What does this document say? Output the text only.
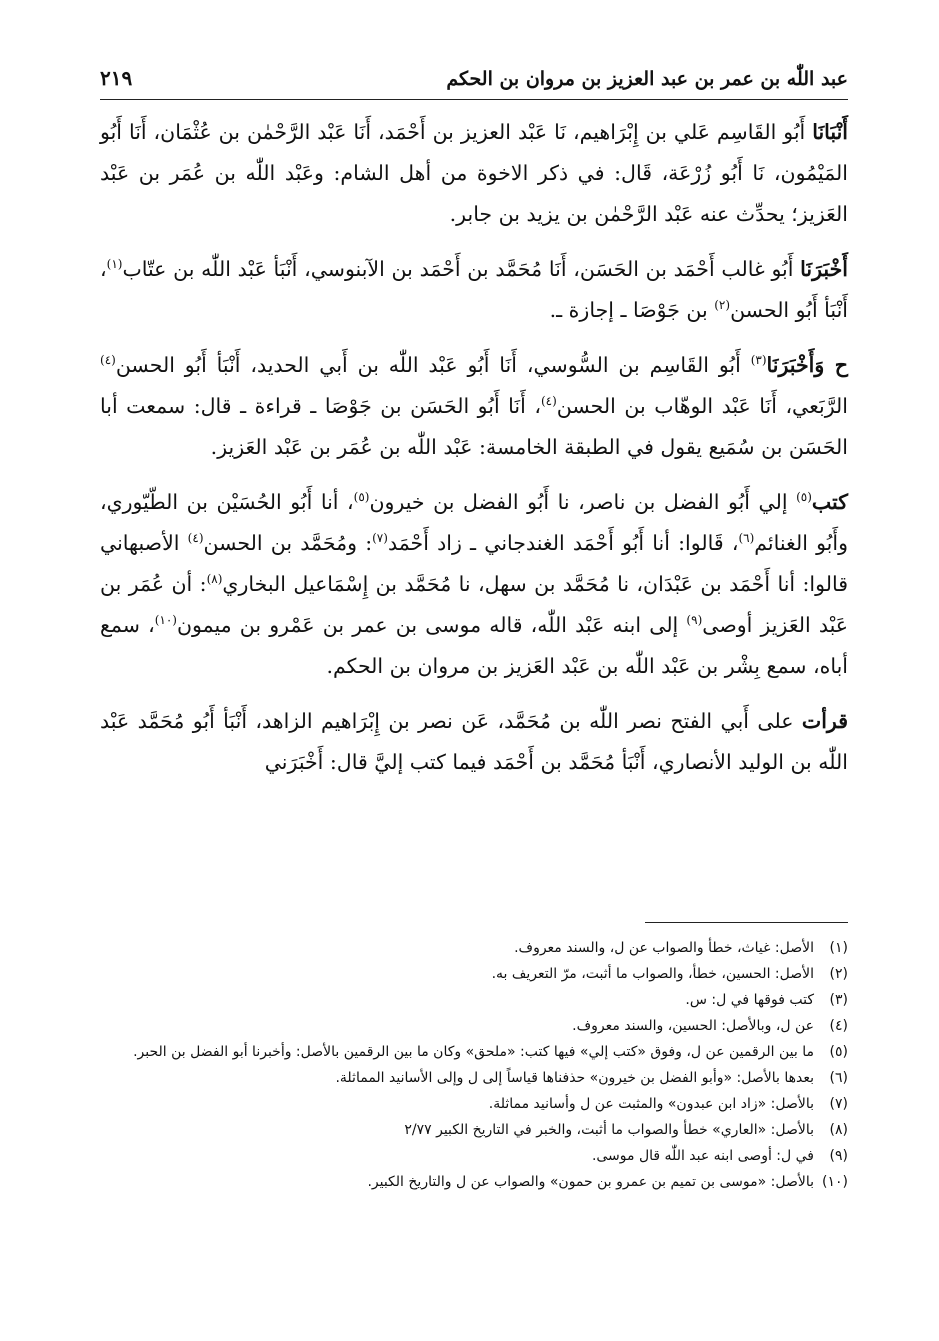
عبد اللّٰه بن عمر بن عبد العزيز بن مروان بن الحكم
٢١٩

أَنْبَانَا أَبُو القَاسِم عَلي بن إِبْرَاهيم، نَا عَبْد العزيز بن أَحْمَد، أَنَا عَبْد الرَّحْمٰن بن عُثْمَان، أَنَا أَبُو المَيْمُون، نَا أَبُو زُرْعَة، قَال: في ذكر الاخوة من أهل الشام: وعَبْد اللّٰه بن عُمَر بن عَبْد العَزيز؛ يحدِّث عنه عَبْد الرَّحْمٰن بن يزيد بن جابر.

أَخْبَرَنَا أَبُو غالب أَحْمَد بن الحَسَن، أَنَا مُحَمَّد بن أَحْمَد بن الآبنوسي، أَنْبَأ عَبْد اللّٰه بن عتّاب$^{(١)}$، أَنْبَأ أَبُو الحسن$^{(٢)}$ بن جَوْصَا ـ إجازة ـ.

ح وَأَخْبَرَنَا$^{(٣)}$ أَبُو القَاسِم بن السُّوسي، أَنَا أَبُو عَبْد اللّٰه بن أَبي الحديد، أَنْبَأ أَبُو الحسن$^{(٤)}$ الرَّبَعي، أَنَا عَبْد الوهّاب بن الحسن$^{(٤)}$، أَنَا أَبُو الحَسَن بن جَوْصَا ـ قراءة ـ قال: سمعت أبا الحَسَن بن سُمَيع يقول في الطبقة الخامسة: عَبْد اللّٰه بن عُمَر بن عَبْد العَزيز.

كتب$^{(٥)}$ إلي أَبُو الفضل بن ناصر، نا أَبُو الفضل بن خيرون$^{(٥)}$، أنا أَبُو الحُسَيْن بن الطّيّوري، وأَبُو الغنائم$^{(٦)}$، قَالوا: أنا أَبُو أَحْمَد الغندجاني ـ زاد أَحْمَد$^{(٧)}$: ومُحَمَّد بن الحسن$^{(٤)}$ الأصبهاني قالوا: أنا أَحْمَد بن عَبْدَان، نا مُحَمَّد بن سهل، نا مُحَمَّد بن إِسْمَاعيل البخاري$^{(٨)}$: أن عُمَر بن عَبْد العَزيز أوصى$^{(٩)}$ إلى ابنه عَبْد اللّٰه، قاله موسى بن عمر بن عَمْرو بن ميمون$^{(١٠)}$، سمع أباه، سمع بِشْر بن عَبْد اللّٰه بن عَبْد العَزيز بن مروان بن الحكم.

قرأت على أَبي الفتح نصر اللّٰه بن مُحَمَّد، عَن نصر بن إِبْرَاهيم الزاهد، أَنْبَأ أَبُو مُحَمَّد عَبْد اللّٰه بن الوليد الأنصاري، أَنْبَأ مُحَمَّد بن أَحْمَد فيما كتب إليَّ قال: أَخْبَرَني

(١)
الأصل: غياث، خطأ والصواب عن ل، والسند معروف.
(٢)
الأصل: الحسين، خطأ، والصواب ما أثبت، مرّ التعريف به.
(٣)
كتب فوقها في ل: س.
(٤)
عن ل، وبالأصل: الحسين، والسند معروف.
(٥)
ما بين الرقمين عن ل، وفوق «كتب إلي» فيها كتب: «ملحق» وكان ما بين الرقمين بالأصل: وأخبرنا أبو الفضل بن الحبر.
(٦)
بعدها بالأصل: «وأبو الفضل بن خيرون» حذفناها قياساً إلى ل وإلى الأسانيد المماثلة.
(٧)
بالأصل: «زاد ابن عبدون» والمثبت عن ل وأسانيد مماثلة.
(٨)
بالأصل: «العاري» خطأ والصواب ما أثبت، والخبر في التاريخ الكبير ٢/٧٧
(٩)
في ل: أوصى ابنه عبد اللّٰه قال موسى.
(١٠)
بالأصل: «موسى بن تميم بن عمرو بن حمون» والصواب عن ل والتاريخ الكبير.
